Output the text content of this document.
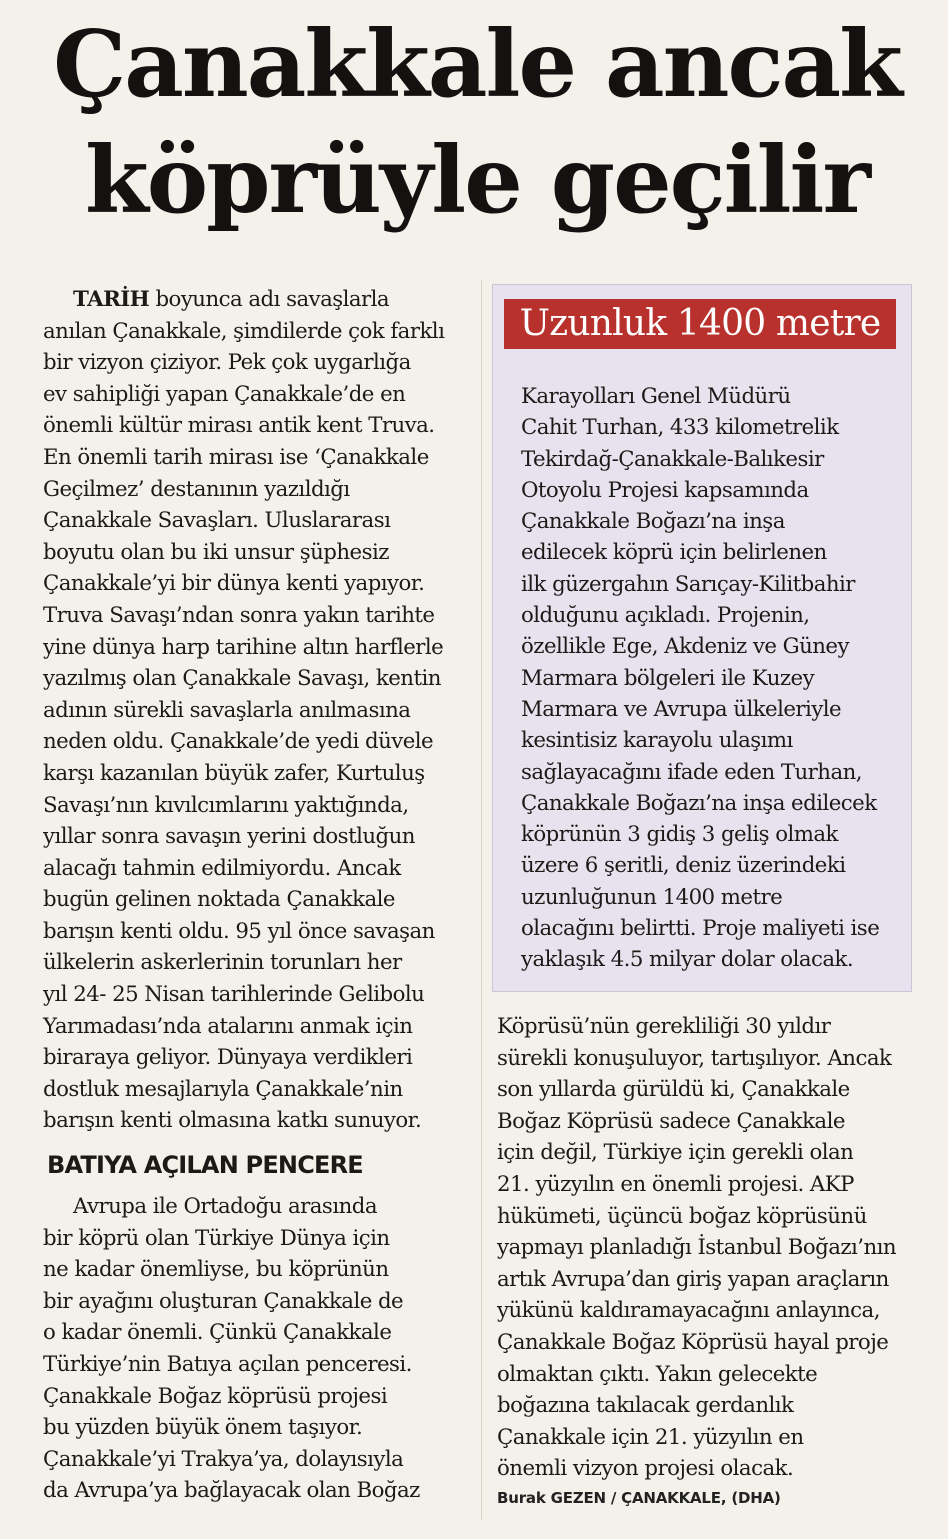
Çanakkale ancak
köprüyle geçilir

TARİH boyunca adı savaşlarla
anılan Çanakkale, şimdilerde çok farklı
bir vizyon çiziyor. Pek çok uygarlığa
ev sahipliği yapan Çanakkale’de en
önemli kültür mirası antik kent Truva.
En önemli tarih mirası ise ‘Çanakkale
Geçilmez’ destanının yazıldığı
Çanakkale Savaşları. Uluslararası
boyutu olan bu iki unsur şüphesiz
Çanakkale’yi bir dünya kenti yapıyor.
Truva Savaşı’ndan sonra yakın tarihte
yine dünya harp tarihine altın harflerle
yazılmış olan Çanakkale Savaşı, kentin
adının sürekli savaşlarla anılmasına
neden oldu. Çanakkale’de yedi düvele
karşı kazanılan büyük zafer, Kurtuluş
Savaşı’nın kıvılcımlarını yaktığında,
yıllar sonra savaşın yerini dostluğun
alacağı tahmin edilmiyordu. Ancak
bugün gelinen noktada Çanakkale
barışın kenti oldu. 95 yıl önce savaşan
ülkelerin askerlerinin torunları her
yıl 24- 25 Nisan tarihlerinde Gelibolu
Yarımadası’nda atalarını anmak için
biraraya geliyor. Dünyaya verdikleri
dostluk mesajlarıyla Çanakkale’nin
barışın kenti olmasına katkı sunuyor.

BATIYA AÇILAN PENCERE

Avrupa ile Ortadoğu arasında
bir köprü olan Türkiye Dünya için
ne kadar önemliyse, bu köprünün
bir ayağını oluşturan Çanakkale de
o kadar önemli. Çünkü Çanakkale
Türkiye’nin Batıya açılan penceresi.
Çanakkale Boğaz köprüsü projesi
bu yüzden büyük önem taşıyor.
Çanakkale’yi Trakya’ya, dolayısıyla
da Avrupa’ya bağlayacak olan Boğaz

Uzunluk 1400 metre

Karayolları Genel Müdürü
Cahit Turhan, 433 kilometrelik
Tekirdağ-Çanakkale-Balıkesir
Otoyolu Projesi kapsamında
Çanakkale Boğazı’na inşa
edilecek köprü için belirlenen
ilk güzergahın Sarıçay-Kilitbahir
olduğunu açıkladı. Projenin,
özellikle Ege, Akdeniz ve Güney
Marmara bölgeleri ile Kuzey
Marmara ve Avrupa ülkeleriyle
kesintisiz karayolu ulaşımı
sağlayacağını ifade eden Turhan,
Çanakkale Boğazı’na inşa edilecek
köprünün 3 gidiş 3 geliş olmak
üzere 6 şeritli, deniz üzerindeki
uzunluğunun 1400 metre
olacağını belirtti. Proje maliyeti ise
yaklaşık 4.5 milyar dolar olacak.

Köprüsü’nün gerekliliği 30 yıldır
sürekli konuşuluyor, tartışılıyor. Ancak
son yıllarda gürüldü ki, Çanakkale
Boğaz Köprüsü sadece Çanakkale
için değil, Türkiye için gerekli olan
21. yüzyılın en önemli projesi. AKP
hükümeti, üçüncü boğaz köprüsünü
yapmayı planladığı İstanbul Boğazı’nın
artık Avrupa’dan giriş yapan araçların
yükünü kaldıramayacağını anlayınca,
Çanakkale Boğaz Köprüsü hayal proje
olmaktan çıktı. Yakın gelecekte
boğazına takılacak gerdanlık
Çanakkale için 21. yüzyılın en
önemli vizyon projesi olacak.

Burak GEZEN / ÇANAKKALE, (DHA)
